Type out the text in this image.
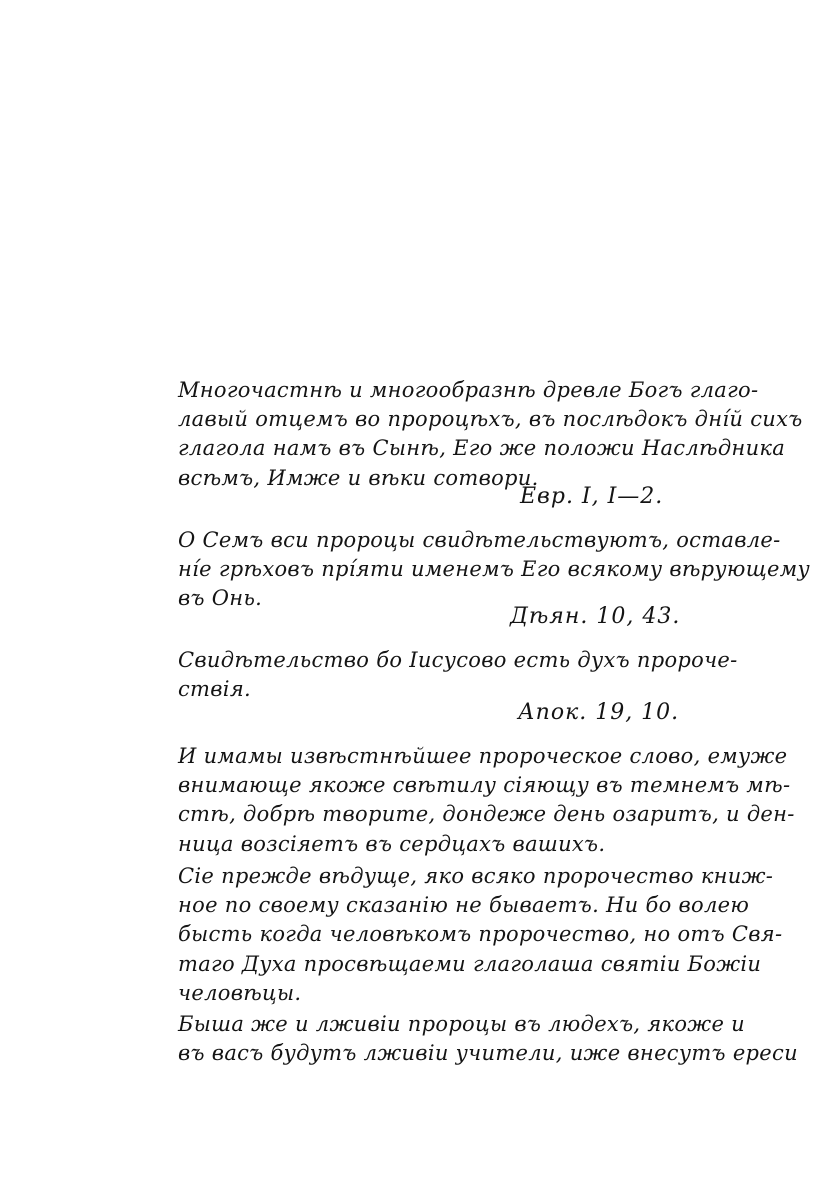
Многочастнѣ и многообразнѣ древле Богъ глаго-
лавый отцемъ во пророцѣхъ, въ послѣдокъ днíй сихъ
глагола намъ въ Сынѣ, Его же положи Наслѣдника
всѣмъ, Имже и вѣки сотвори.
Евр. I, I—2.
О Семъ вси пророцы свидѣтельствуютъ, оставле-
нíе грѣховъ прíяти именемъ Его всякому вѣрующему
въ Онь.
Дѣян. 10, 43.
Свидѣтельство бо Iисусово есть духъ пророче-
ствія.
Апок. 19, 10.
И имамы извѣстнѣйшее пророческое слово, емуже
внимающе якоже свѣтилу сіяющу въ темнемъ мѣ-
стѣ, добрѣ творите, дондеже день озаритъ, и ден-
ница возсіяетъ въ сердцахъ вашихъ.
Сіе прежде вѣдуще, яко всяко пророчество книж-
ное по своему сказанію не бываетъ. Ни бо волею
бысть когда человѣкомъ пророчество, но отъ Свя-
таго Духа просвѣщаеми глаголаша святіи Божіи
человѣцы.
Быша же и лживіи пророцы въ людехъ, якоже и
въ васъ будутъ лживіи учители, иже внесутъ ереси
